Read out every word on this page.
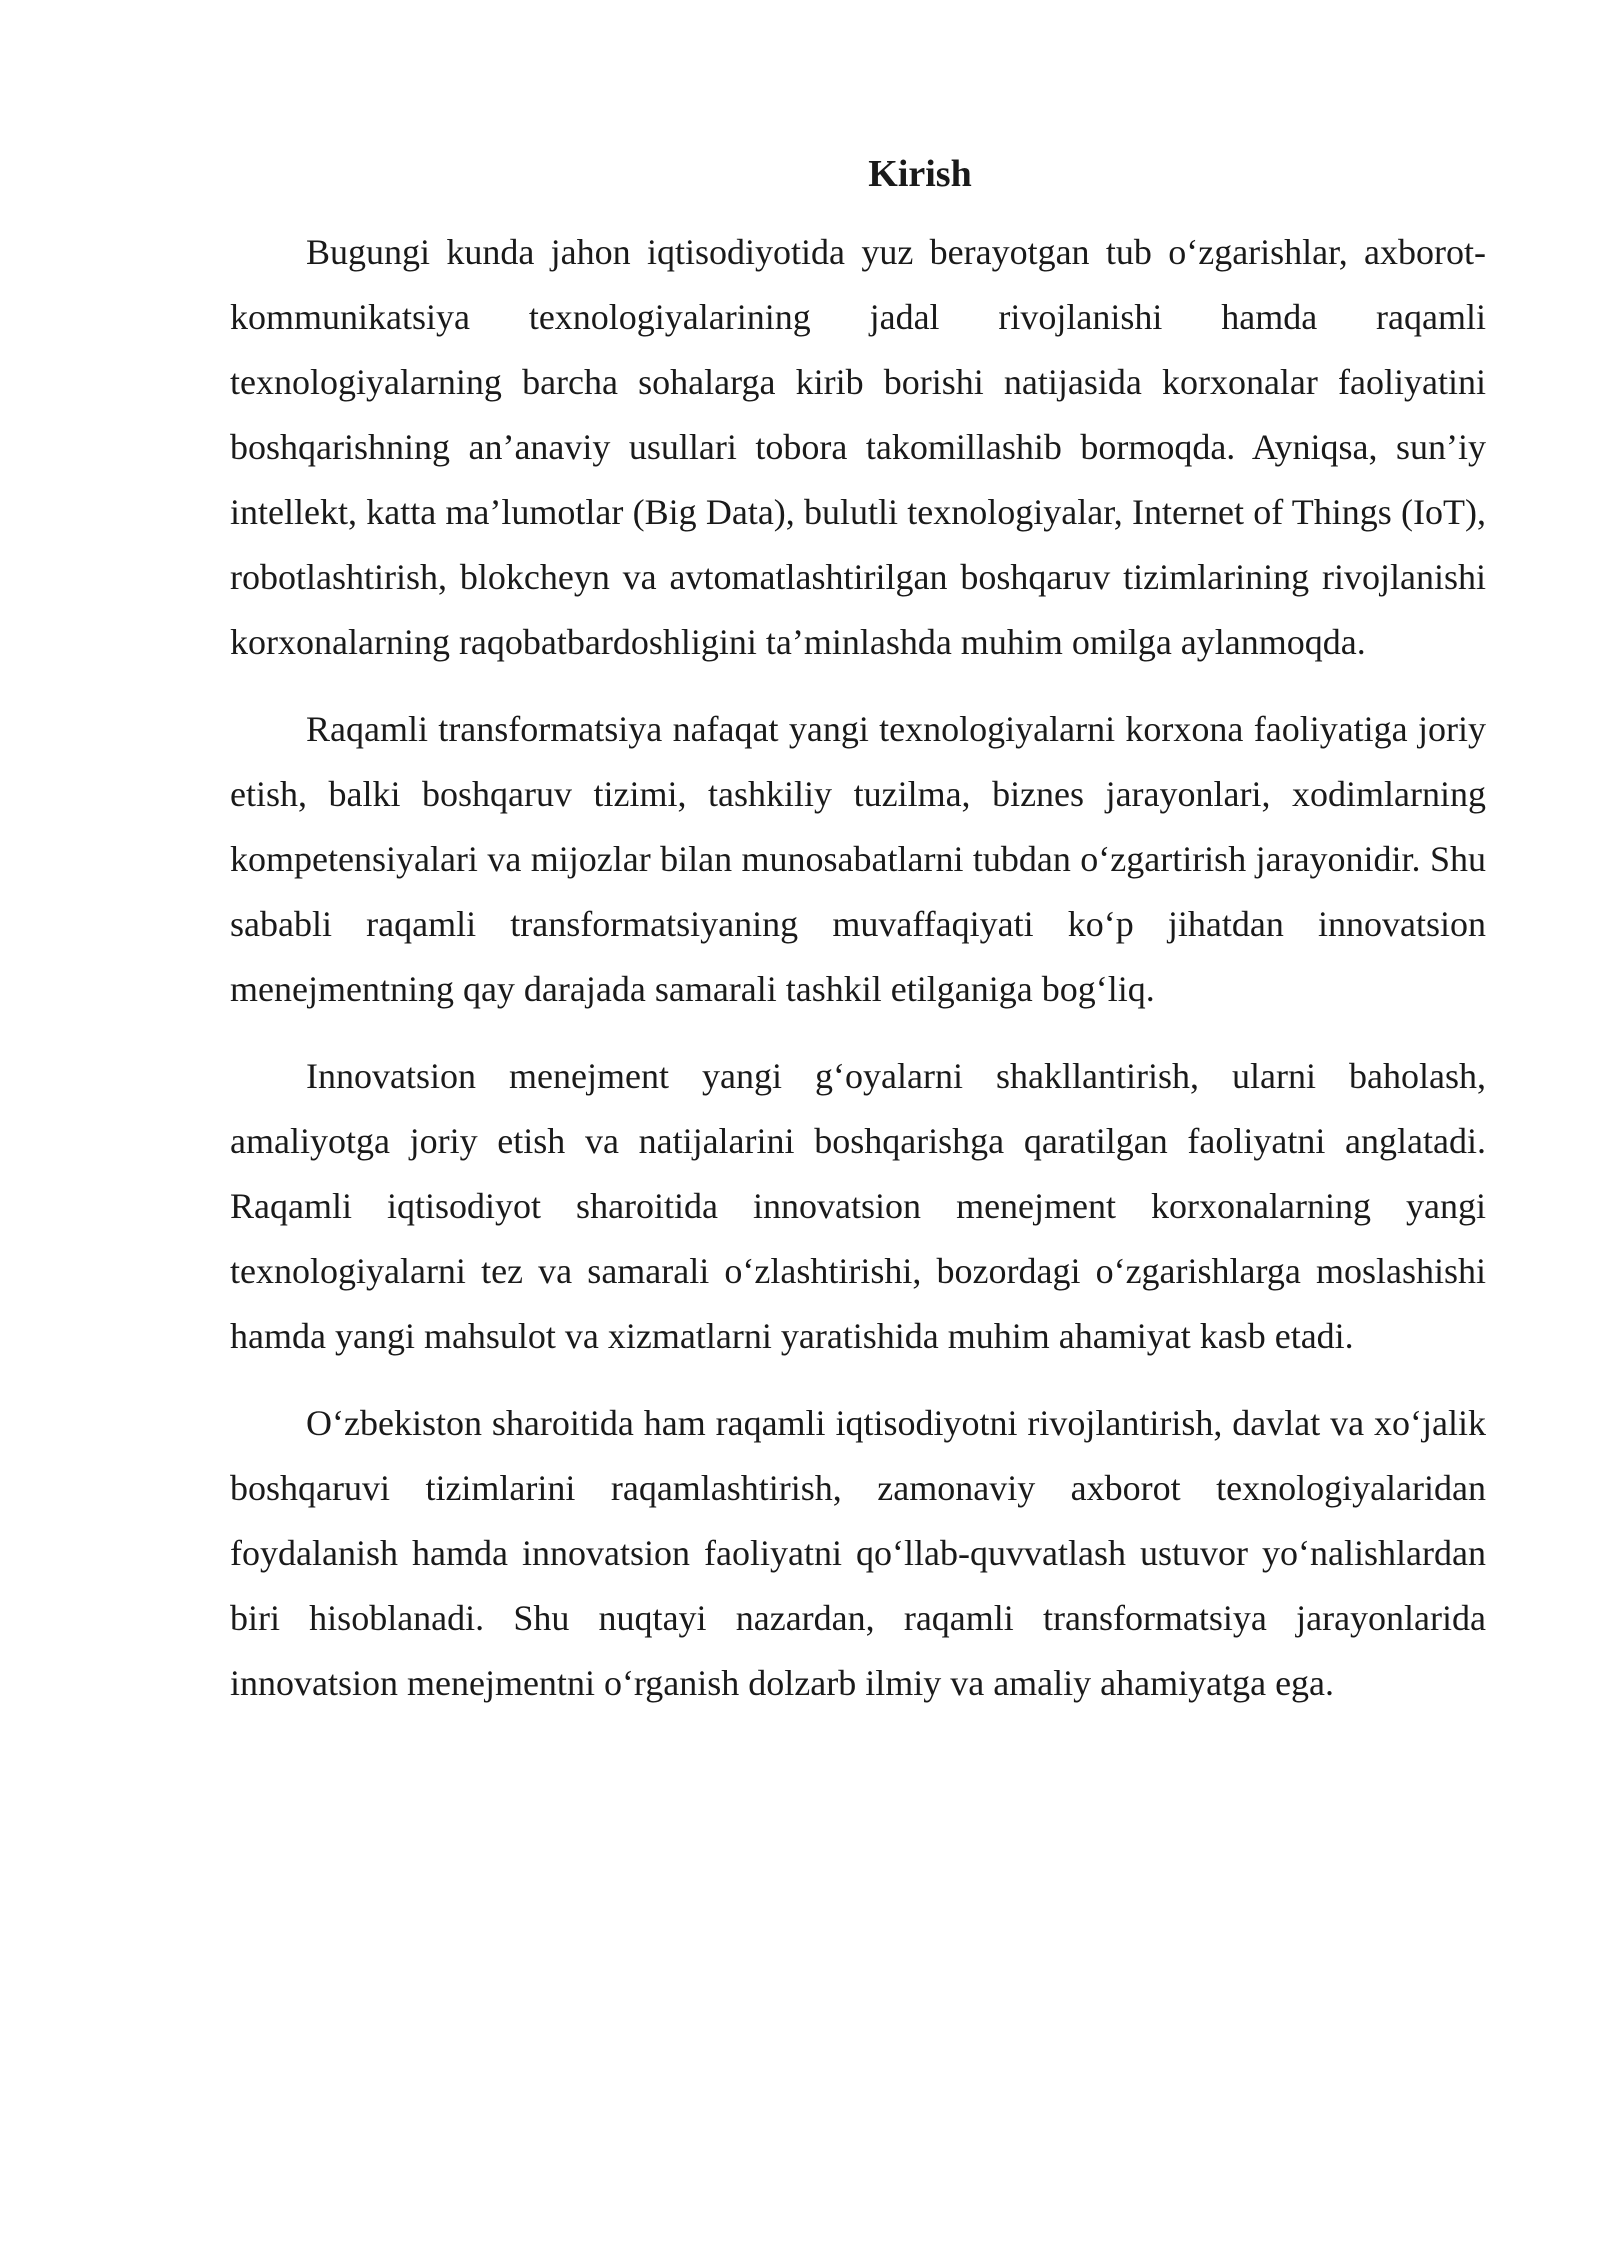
Kirish

Bugungi kunda jahon iqtisodiyotida yuz berayotgan tub o‘zgarishlar, axborot-kommunikatsiya texnologiyalarining jadal rivojlanishi hamda raqamli texnologiyalarning barcha sohalarga kirib borishi natijasida korxonalar faoliyatini boshqarishning an’anaviy usullari tobora takomillashib bormoqda. Ayniqsa, sun’iy intellekt, katta ma’lumotlar (Big Data), bulutli texnologiyalar, Internet of Things (IoT), robotlashtirish, blokcheyn va avtomatlashtirilgan boshqaruv tizimlarining rivojlanishi korxonalarning raqobatbardoshligini ta’minlashda muhim omilga aylanmoqda.

Raqamli transformatsiya nafaqat yangi texnologiyalarni korxona faoliyatiga joriy etish, balki boshqaruv tizimi, tashkiliy tuzilma, biznes jarayonlari, xodimlarning kompetensiyalari va mijozlar bilan munosabatlarni tubdan o‘zgartirish jarayonidir. Shu sababli raqamli transformatsiyaning muvaffaqiyati ko‘p jihatdan innovatsion menejmentning qay darajada samarali tashkil etilganiga bog‘liq.

Innovatsion menejment yangi g‘oyalarni shakllantirish, ularni baholash, amaliyotga joriy etish va natijalarini boshqarishga qaratilgan faoliyatni anglatadi. Raqamli iqtisodiyot sharoitida innovatsion menejment korxonalarning yangi texnologiyalarni tez va samarali o‘zlashtirishi, bozordagi o‘zgarishlarga moslashishi hamda yangi mahsulot va xizmatlarni yaratishida muhim ahamiyat kasb etadi.

O‘zbekiston sharoitida ham raqamli iqtisodiyotni rivojlantirish, davlat va xo‘jalik boshqaruvi tizimlarini raqamlashtirish, zamonaviy axborot texnologiyalaridan foydalanish hamda innovatsion faoliyatni qo‘llab-quvvatlash ustuvor yo‘nalishlardan biri hisoblanadi. Shu nuqtayi nazardan, raqamli transformatsiya jarayonlarida innovatsion menejmentni o‘rganish dolzarb ilmiy va amaliy ahamiyatga ega.
